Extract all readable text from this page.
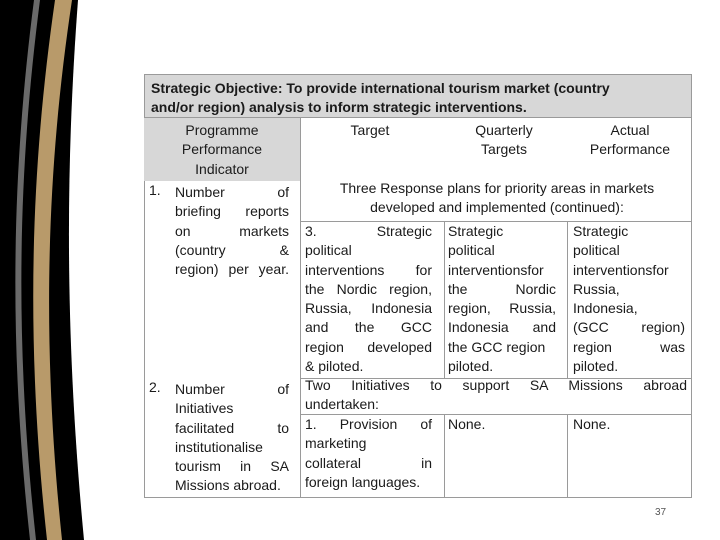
Strategic Objective: To provide international tourism market (country
and/or region) analysis to inform strategic interventions.
Programme
Performance
Indicator
Target	Quarterly
Targets
Actual
Performance
1. Number of
briefing reports
on markets
(country &
region) per year.
Three Response plans for priority areas in markets
developed and implemented (continued):
3. Strategic
political
interventions for
the Nordic region,
Russia, Indonesia
and the GCC
region developed
& piloted.
Strategic
political
interventionsfor
the Nordic
region, Russia,
Indonesia and
the GCC region
piloted.
Strategic
political
interventionsfor
Russia,
Indonesia,
(GCC region)
region was
piloted.
2. Number of
Initiatives
facilitated to
institutionalise
tourism in SA
Missions abroad.
Two Initiatives to support SA Missions abroad
undertaken:
1. Provision of
marketing
collateral in
foreign languages.
None.	None.
37
